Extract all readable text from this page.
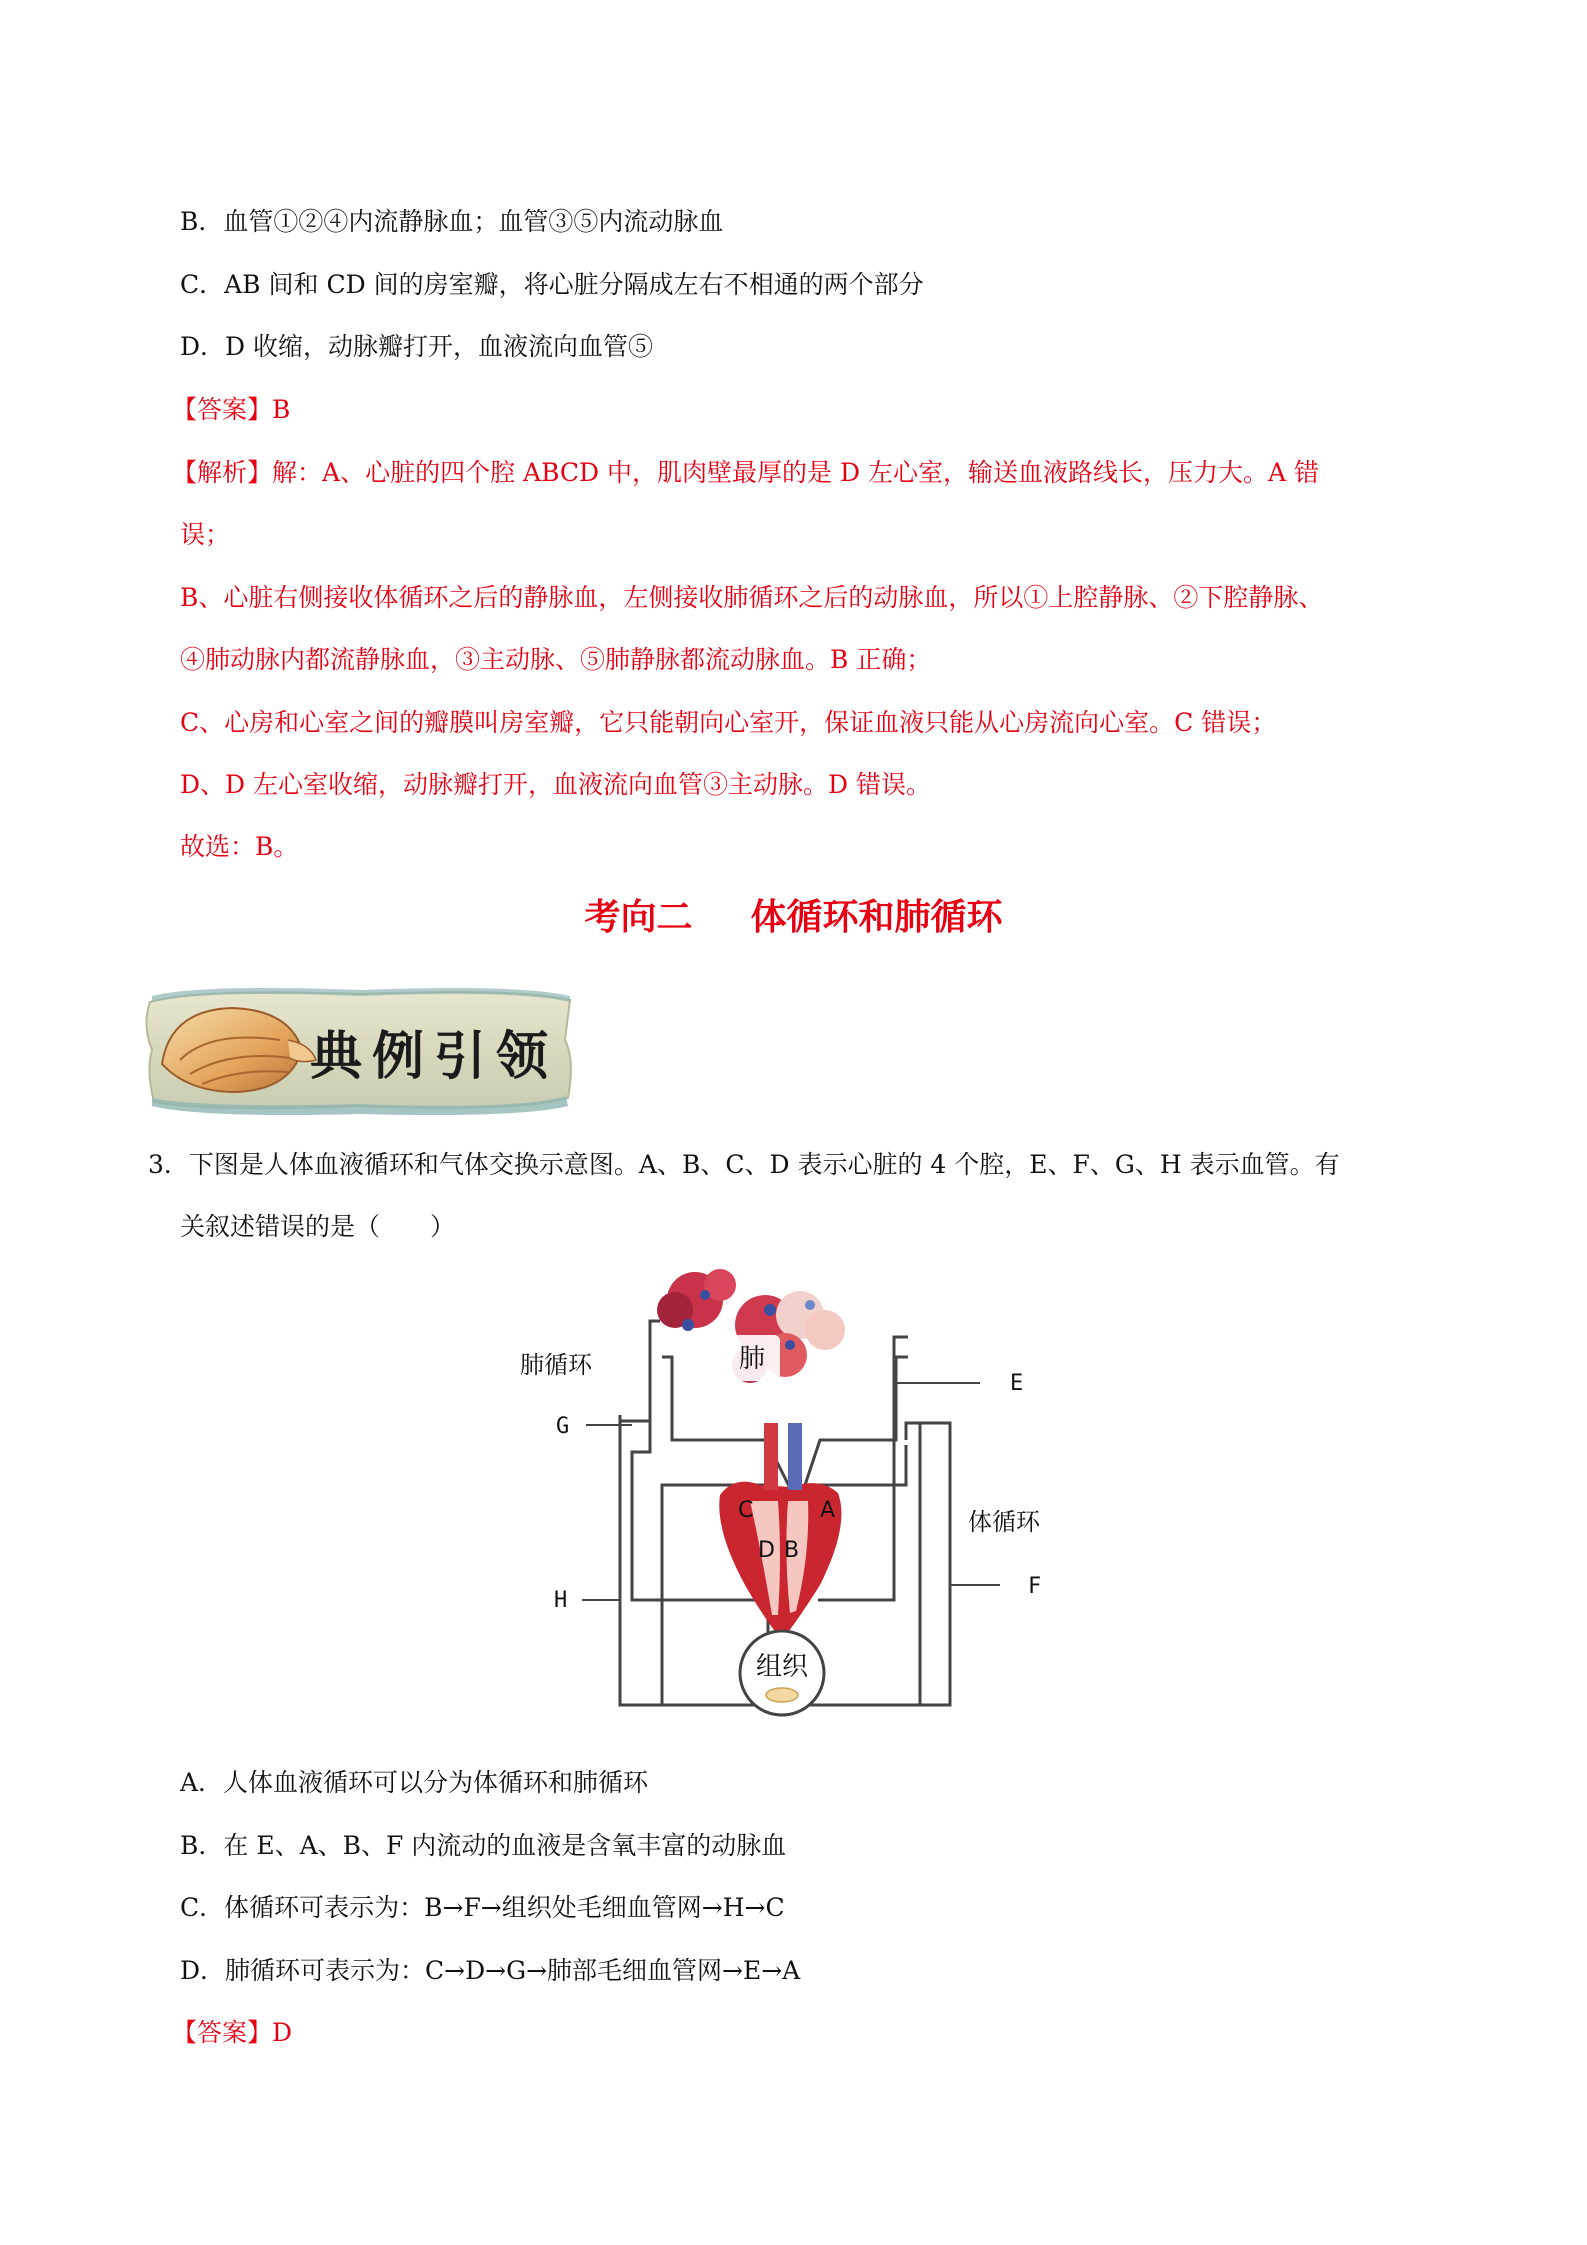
B．血管①②④内流静脉血；血管③⑤内流动脉血
C．AB 间和 CD 间的房室瓣，将心脏分隔成左右不相通的两个部分
D．D 收缩，动脉瓣打开，血液流向血管⑤
【答案】B
【解析】解：A、心脏的四个腔 ABCD 中，肌肉壁最厚的是 D 左心室，输送血液路线长，压力大。A 错
误；
B、心脏右侧接收体循环之后的静脉血，左侧接收肺循环之后的动脉血，所以①上腔静脉、②下腔静脉、
④肺动脉内都流静脉血，③主动脉、⑤肺静脉都流动脉血。B 正确；
C、心房和心室之间的瓣膜叫房室瓣，它只能朝向心室开，保证血液只能从心房流向心室。C 错误；
D、D 左心室收缩，动脉瓣打开，血液流向血管③主动脉。D 错误。
故选：B。
考向二 体循环和肺循环
典例引领
3．下图是人体血液循环和气体交换示意图。A、B、C、D 表示心脏的 4 个腔，E、F、G、H 表示血管。有
关叙述错误的是（　　）
肺
C	A
D B
组织
肺循环
G
E
体循环
F
H
A．人体血液循环可以分为体循环和肺循环
B．在 E、A、B、F 内流动的血液是含氧丰富的动脉血
C．体循环可表示为：B→F→组织处毛细血管网→H→C
D．肺循环可表示为：C→D→G→肺部毛细血管网→E→A
【答案】D
